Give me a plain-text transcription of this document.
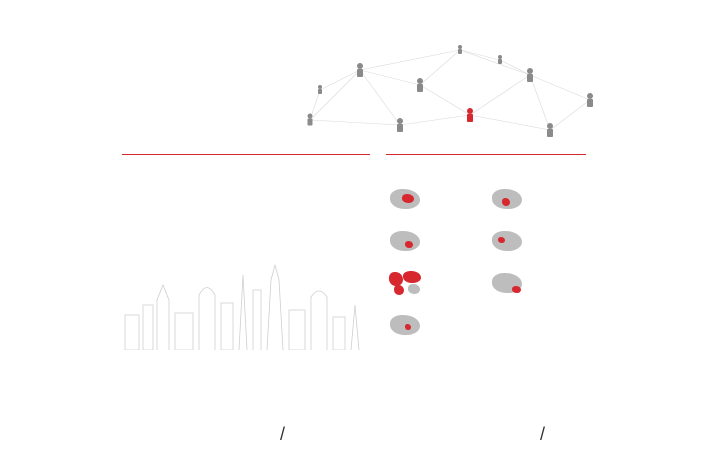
/	/
